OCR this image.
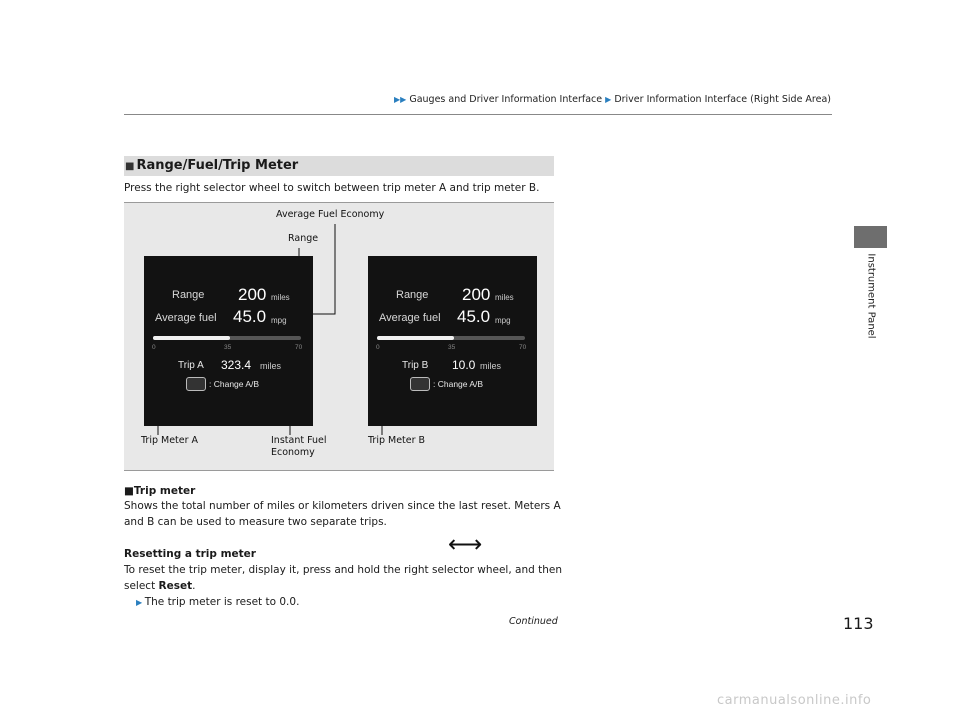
▶▶ Gauges and Driver Information Interface ▶ Driver Information Interface (Right Side Area)
Instrument Panel
■ Range/Fuel/Trip Meter
Press the right selector wheel to switch between trip meter A and trip meter B.
Average Fuel Economy
Range
Range 200 miles
Average fuel 45.0 mpg
0	35	70
Trip A 323.4 miles
: Change A/B
⟷
Range 200 miles
Average fuel 45.0 mpg
0	35	70
Trip B 10.0 miles
: Change A/B
Trip Meter A	Instant Fuel
Economy
Trip Meter B
■Trip meter
Shows the total number of miles or kilometers driven since the last reset. Meters A
and B can be used to measure two separate trips.
Resetting a trip meter
To reset the trip meter, display it, press and hold the right selector wheel, and then
select Reset.
▶ The trip meter is reset to 0.0.
Continued	113
carmanualsonline.info
